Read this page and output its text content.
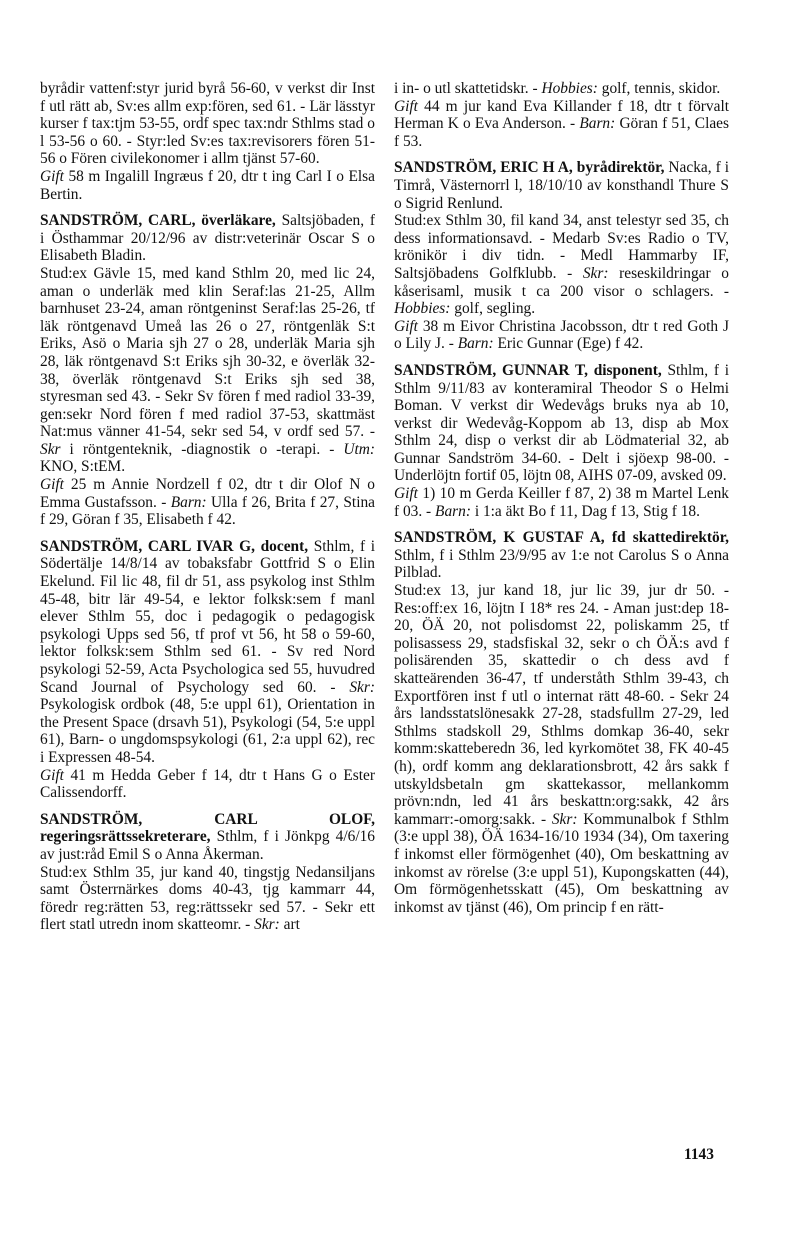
byrådir vattenf:styr jurid byrå 56-60, v verkst dir Inst f utl rätt ab, Sv:es allm exp:fören, sed 61. - Lär lässtyr kurser f tax:tjm 53-55, ordf spec tax:ndr Sthlms stad o l 53-56 o 60. - Styr:led Sv:es tax:revisorers fören 51-56 o Fören civilekonomer i allm tjänst 57-60.

Gift 58 m Ingalill Ingræus f 20, dtr t ing Carl I o Elsa Bertin.

SANDSTRÖM, CARL, överläkare, Saltsjöbaden, f i Östhammar 20/12/96 av distr:veterinär Oscar S o Elisabeth Bladin.

Stud:ex Gävle 15, med kand Sthlm 20, med lic 24, aman o underläk med klin Seraf:las 21-25, Allm barnhuset 23-24, aman röntgeninst Seraf:las 25-26, tf läk röntgenavd Umeå las 26 o 27, röntgenläk S:t Eriks, Asö o Maria sjh 27 o 28, underläk Maria sjh 28, läk röntgenavd S:t Eriks sjh 30-32, e överläk 32-38, överläk röntgenavd S:t Eriks sjh sed 38, styresman sed 43. - Sekr Sv fören f med radiol 33-39, gen:sekr Nord fören f med radiol 37-53, skattmäst Nat:mus vänner 41-54, sekr sed 54, v ordf sed 57. - Skr i röntgenteknik, -diagnostik o -terapi. - Utm: KNO, S:tEM.

Gift 25 m Annie Nordzell f 02, dtr t dir Olof N o Emma Gustafsson. - Barn: Ulla f 26, Brita f 27, Stina f 29, Göran f 35, Elisabeth f 42.

SANDSTRÖM, CARL IVAR G, docent, Sthlm, f i Södertälje 14/8/14 av tobaksfabr Gottfrid S o Elin Ekelund. Fil lic 48, fil dr 51, ass psykolog inst Sthlm 45-48, bitr lär 49-54, e lektor folksk:sem f manl elever Sthlm 55, doc i pedagogik o pedagogisk psykologi Upps sed 56, tf prof vt 56, ht 58 o 59-60, lektor folksk:sem Sthlm sed 61. - Sv red Nord psykologi 52-59, Acta Psychologica sed 55, huvudred Scand Journal of Psychology sed 60. - Skr: Psykologisk ordbok (48, 5:e uppl 61), Orientation in the Present Space (drsavh 51), Psykologi (54, 5:e uppl 61), Barn- o ungdomspsykologi (61, 2:a uppl 62), rec i Expressen 48-54.

Gift 41 m Hedda Geber f 14, dtr t Hans G o Ester Calissendorff.

SANDSTRÖM, CARL OLOF, regeringsrättssekreterare, Sthlm, f i Jönkpg 4/6/16 av just:råd Emil S o Anna Åkerman.

Stud:ex Sthlm 35, jur kand 40, tingstjg Nedansiljans samt Österrnärkes doms 40-43, tjg kammarr 44, föredr reg:rätten 53, reg:rättssekr sed 57. - Sekr ett flert statl utredn inom skatteomr. - Skr: art

i in- o utl skattetidskr. - Hobbies: golf, tennis, skidor.

Gift 44 m jur kand Eva Killander f 18, dtr t förvalt Herman K o Eva Anderson. - Barn: Göran f 51, Claes f 53.

SANDSTRÖM, ERIC H A, byrådirektör, Nacka, f i Timrå, Västernorrl l, 18/10/10 av konsthandl Thure S o Sigrid Renlund.

Stud:ex Sthlm 30, fil kand 34, anst telestyr sed 35, ch dess informationsavd. - Medarb Sv:es Radio o TV, krönikör i div tidn. - Medl Hammarby IF, Saltsjöbadens Golfklubb. - Skr: reseskildringar o kåserisaml, musik t ca 200 visor o schlagers. - Hobbies: golf, segling.

Gift 38 m Eivor Christina Jacobsson, dtr t red Goth J o Lily J. - Barn: Eric Gunnar (Ege) f 42.

SANDSTRÖM, GUNNAR T, disponent, Sthlm, f i Sthlm 9/11/83 av konteramiral Theodor S o Helmi Boman. V verkst dir Wedevågs bruks nya ab 10, verkst dir Wedevåg-Koppom ab 13, disp ab Mox Sthlm 24, disp o verkst dir ab Lödmaterial 32, ab Gunnar Sandström 34-60. - Delt i sjöexp 98-00. - Underlöjtn fortif 05, löjtn 08, AIHS 07-09, avsked 09.

Gift 1) 10 m Gerda Keiller f 87, 2) 38 m Martel Lenk f 03. - Barn: i 1:a äkt Bo f 11, Dag f 13, Stig f 18.

SANDSTRÖM, K GUSTAF A, fd skattedirektör, Sthlm, f i Sthlm 23/9/95 av 1:e not Carolus S o Anna Pilblad.

Stud:ex 13, jur kand 18, jur lic 39, jur dr 50. - Res:off:ex 16, löjtn I 18* res 24. - Aman just:dep 18-20, ÖÄ 20, not polisdomst 22, poliskamm 25, tf polisassess 29, stadsfiskal 32, sekr o ch ÖÄ:s avd f polisärenden 35, skattedir o ch dess avd f skatteärenden 36-47, tf underståth Sthlm 39-43, ch Exportfören inst f utl o internat rätt 48-60. - Sekr 24 års landsstatslönesakk 27-28, stadsfullm 27-29, led Sthlms stadskoll 29, Sthlms domkap 36-40, sekr komm:skatteberedn 36, led kyrkomötet 38, FK 40-45 (h), ordf komm ang deklarationsbrott, 42 års sakk f utskyldsbetaln gm skattekassor, mellankomm prövn:ndn, led 41 års beskattn:org:sakk, 42 års kammarr:-omorg:sakk. - Skr: Kommunalbok f Sthlm (3:e uppl 38), ÖÄ 1634-16/10 1934 (34), Om taxering f inkomst eller förmögenhet (40), Om beskattning av inkomst av rörelse (3:e uppl 51), Kupongskatten (44), Om förmögenhetsskatt (45), Om beskattning av inkomst av tjänst (46), Om princip f en rätt-

1143
